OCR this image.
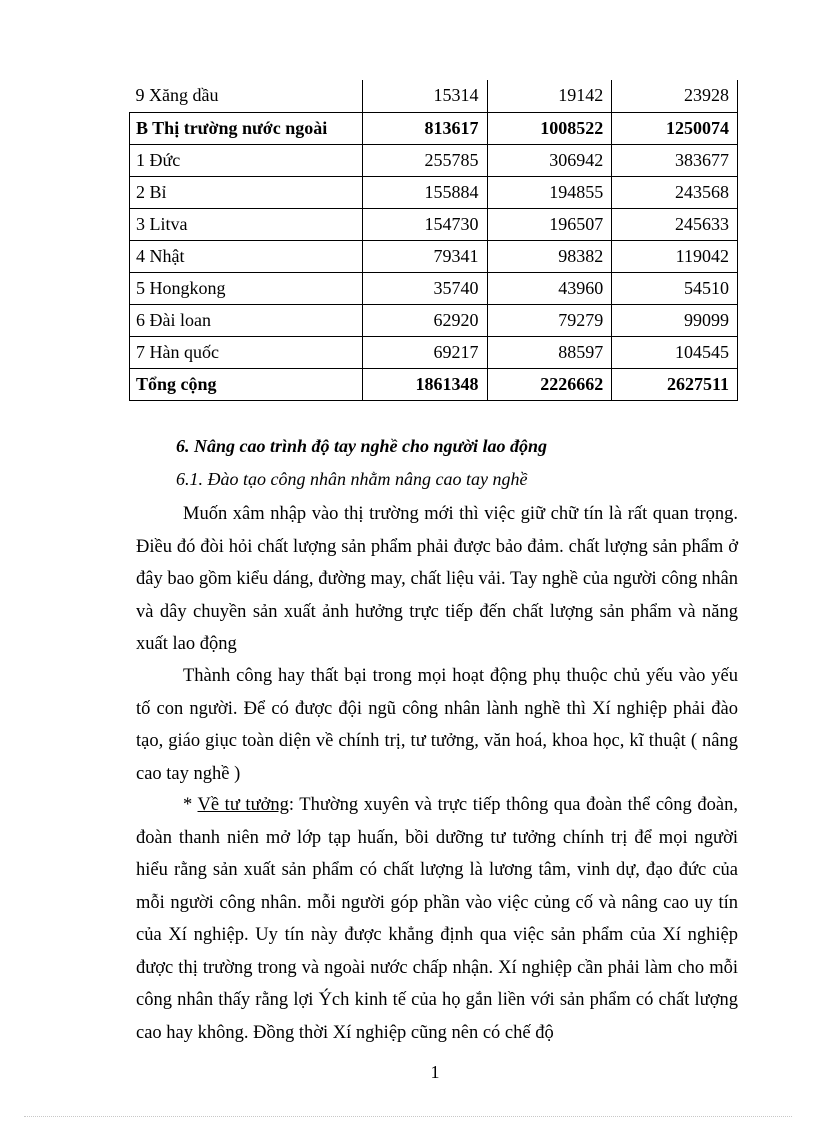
9 Xăng dầu	15314	19142	23928
B Thị trường nước ngoài	813617	1008522	1250074
1 Đức	255785	306942	383677
2 Bỉ	155884	194855	243568
3 Litva	154730	196507	245633
4 Nhật	79341	98382	119042
5 Hongkong	35740	43960	54510
6 Đài loan	62920	79279	99099
7 Hàn quốc	69217	88597	104545
Tổng cộng	1861348	2226662	2627511
6. Nâng cao trình độ tay nghề cho người lao động
6.1. Đào tạo công nhân nhằm nâng cao tay nghề

Muốn xâm nhập vào thị trường mới thì việc giữ chữ tín là rất quan trọng. Điều đó đòi hỏi chất lượng sản phẩm phải được bảo đảm. chất lượng sản phẩm ở đây bao gồm kiểu dáng, đường may, chất liệu vải. Tay nghề của người công nhân và dây chuyền sản xuất ảnh hưởng trực tiếp đến chất lượng sản phẩm và năng xuất lao động

Thành công hay thất bại trong mọi hoạt động phụ thuộc chủ yếu vào yếu tố con người. Để có được đội ngũ công nhân lành nghề thì Xí nghiệp phải đào tạo, giáo giục toàn diện về chính trị, tư tưởng, văn hoá, khoa học, kĩ thuật ( nâng cao tay nghề )

* Về tư tưởng: Thường xuyên và trực tiếp thông qua đoàn thể công đoàn, đoàn thanh niên mở lớp tạp huấn, bồi dưỡng tư tưởng chính trị để mọi người hiểu rằng sản xuất sản phẩm có chất lượng là lương tâm, vinh dự, đạo đức của mỗi người công nhân. mỗi người góp phần vào việc củng cố và nâng cao uy tín của Xí nghiệp. Uy tín này được khẳng định qua việc sản phẩm của Xí nghiệp được thị trường trong và ngoài nước chấp nhận. Xí nghiệp cần phải làm cho mỗi công nhân thấy rằng lợi Ých kinh tế của họ gắn liền với sản phẩm có chất lượng cao hay không. Đồng thời Xí nghiệp cũng nên có chế độ

1
